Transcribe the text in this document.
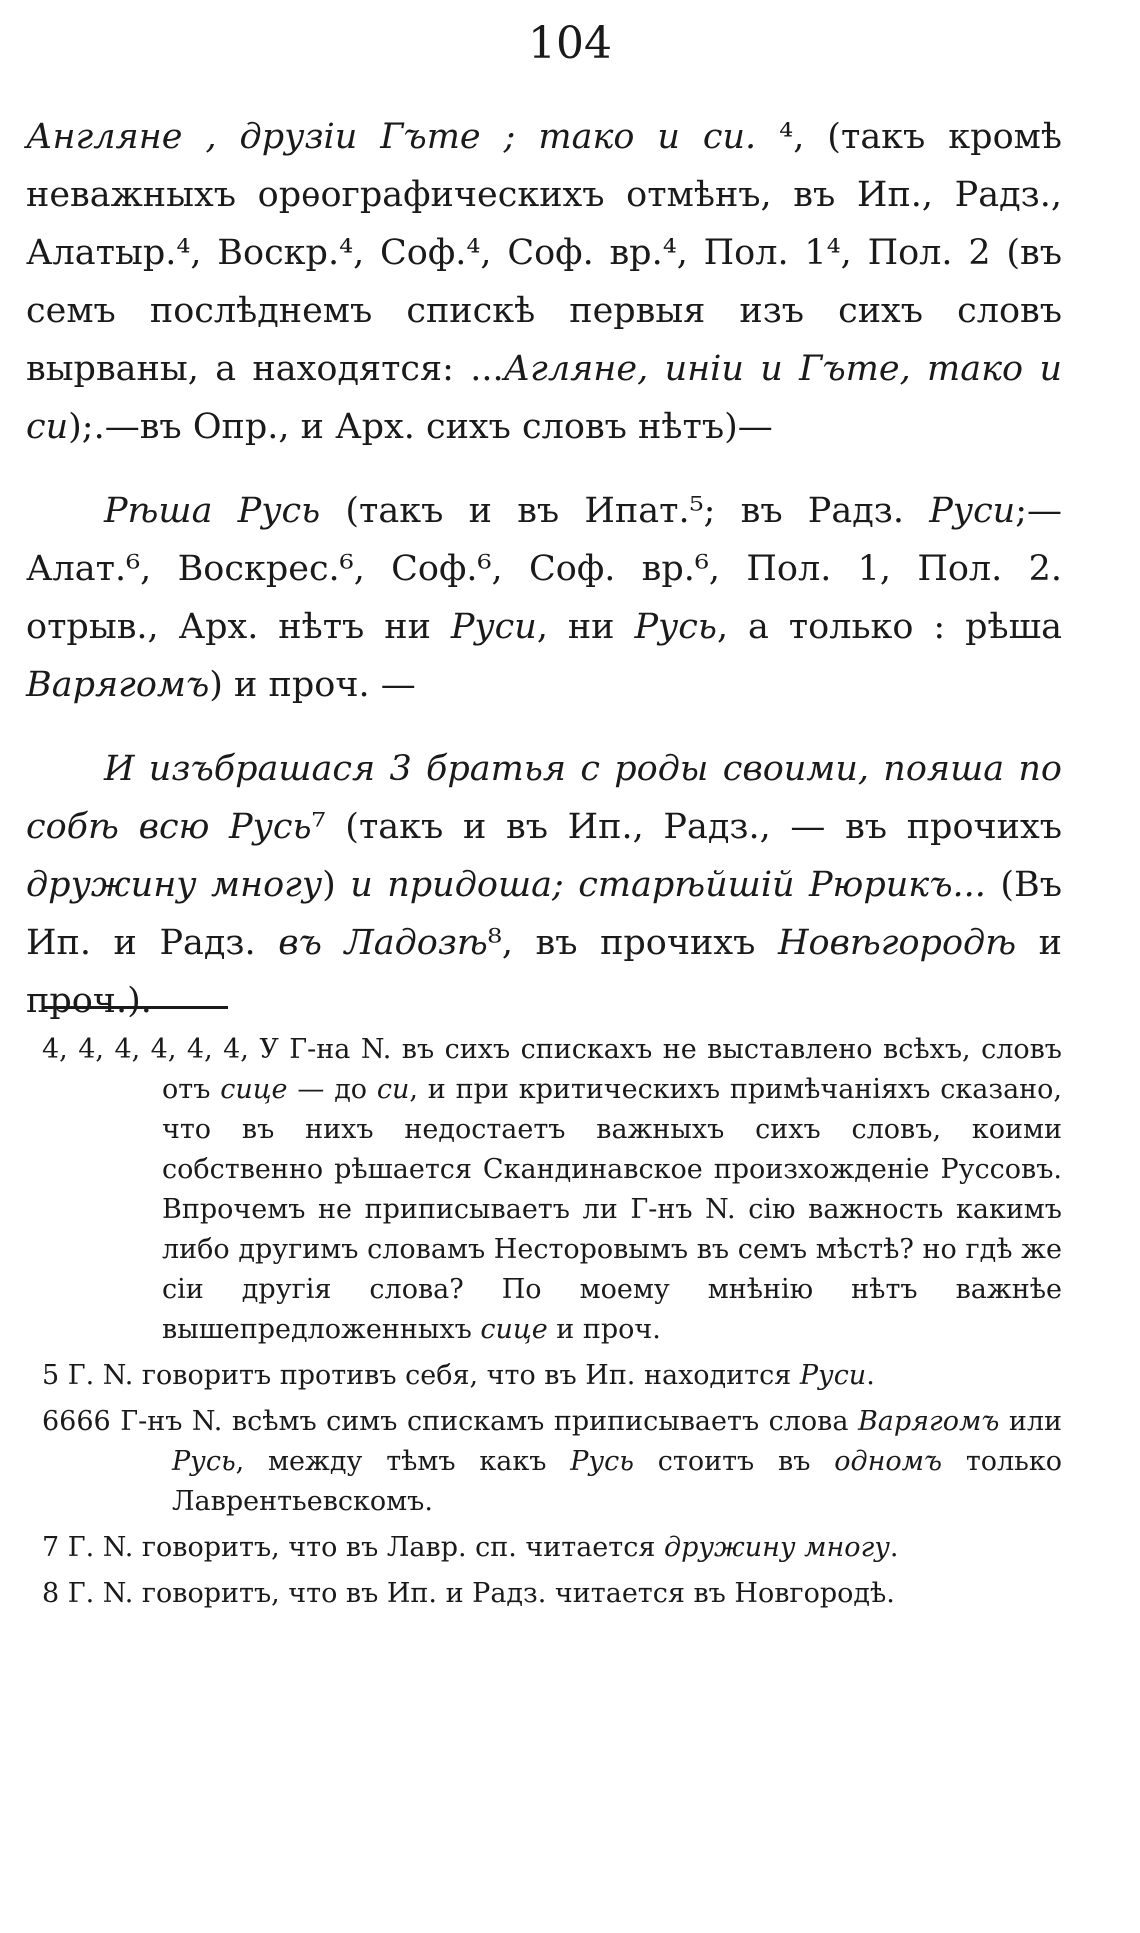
104

Англяне , друзіи Гъте ; тако и си. ⁴, (такъ кромѣ неважныхъ орѳографическихъ отмѣнъ, въ Ип., Радз., Алатыр.⁴, Воскр.⁴, Соф.⁴, Соф. вр.⁴, Пол. 1⁴, Пол. 2 (въ семъ послѣднемъ спискѣ первыя изъ сихъ словъ вырваны, а находятся: ...Агляне, иніи и Гъте, тако и си);.—въ Опр., и Арх. сихъ словъ нѣтъ)—

Рѣша Русь (такъ и въ Ипат.⁵; въ Радз. Руси;—Алат.⁶, Воскрес.⁶, Соф.⁶, Соф. вр.⁶, Пол. 1, Пол. 2. отрыв., Арх. нѣтъ ни Руси, ни Русь, а только : рѣша Варягомъ) и проч. —

И изъбрашася 3 братья с роды своими, пояша по собѣ всю Русь⁷ (такъ и въ Ип., Радз., — въ прочихъ дружину многу) и придоша; старѣйшій Рюрикъ... (Въ Ип. и Радз. въ Ладозѣ⁸, въ прочихъ Новѣгородѣ и проч.).

4, 4, 4, 4, 4, 4, У Г-на N. въ сихъ спискахъ не выставлено всѣхъ, словъ отъ сице — до си, и при критическихъ примѣчаніяхъ сказано, что въ нихъ недостаетъ важныхъ сихъ словъ, коими собственно рѣшается Скандинавское произхожденіе Руссовъ. Впрочемъ не приписываетъ ли Г-нъ N. сію важность какимъ либо другимъ словамъ Несторовымъ въ семъ мѣстѣ? но гдѣ же сіи другія слова? По моему мнѣнію нѣтъ важнѣе вышепредложенныхъ сице и проч.
5 Г. N. говоритъ противъ себя, что въ Ип. находится Руси.
6666 Г-нъ N. всѣмъ симъ спискамъ приписываетъ слова Варягомъ или Русь, между тѣмъ какъ Русь стоитъ въ одномъ только Лаврентьевскомъ.
7 Г. N. говоритъ, что въ Лавр. сп. читается дружину многу.
8 Г. N. говоритъ, что въ Ип. и Радз. читается въ Новгородѣ.
